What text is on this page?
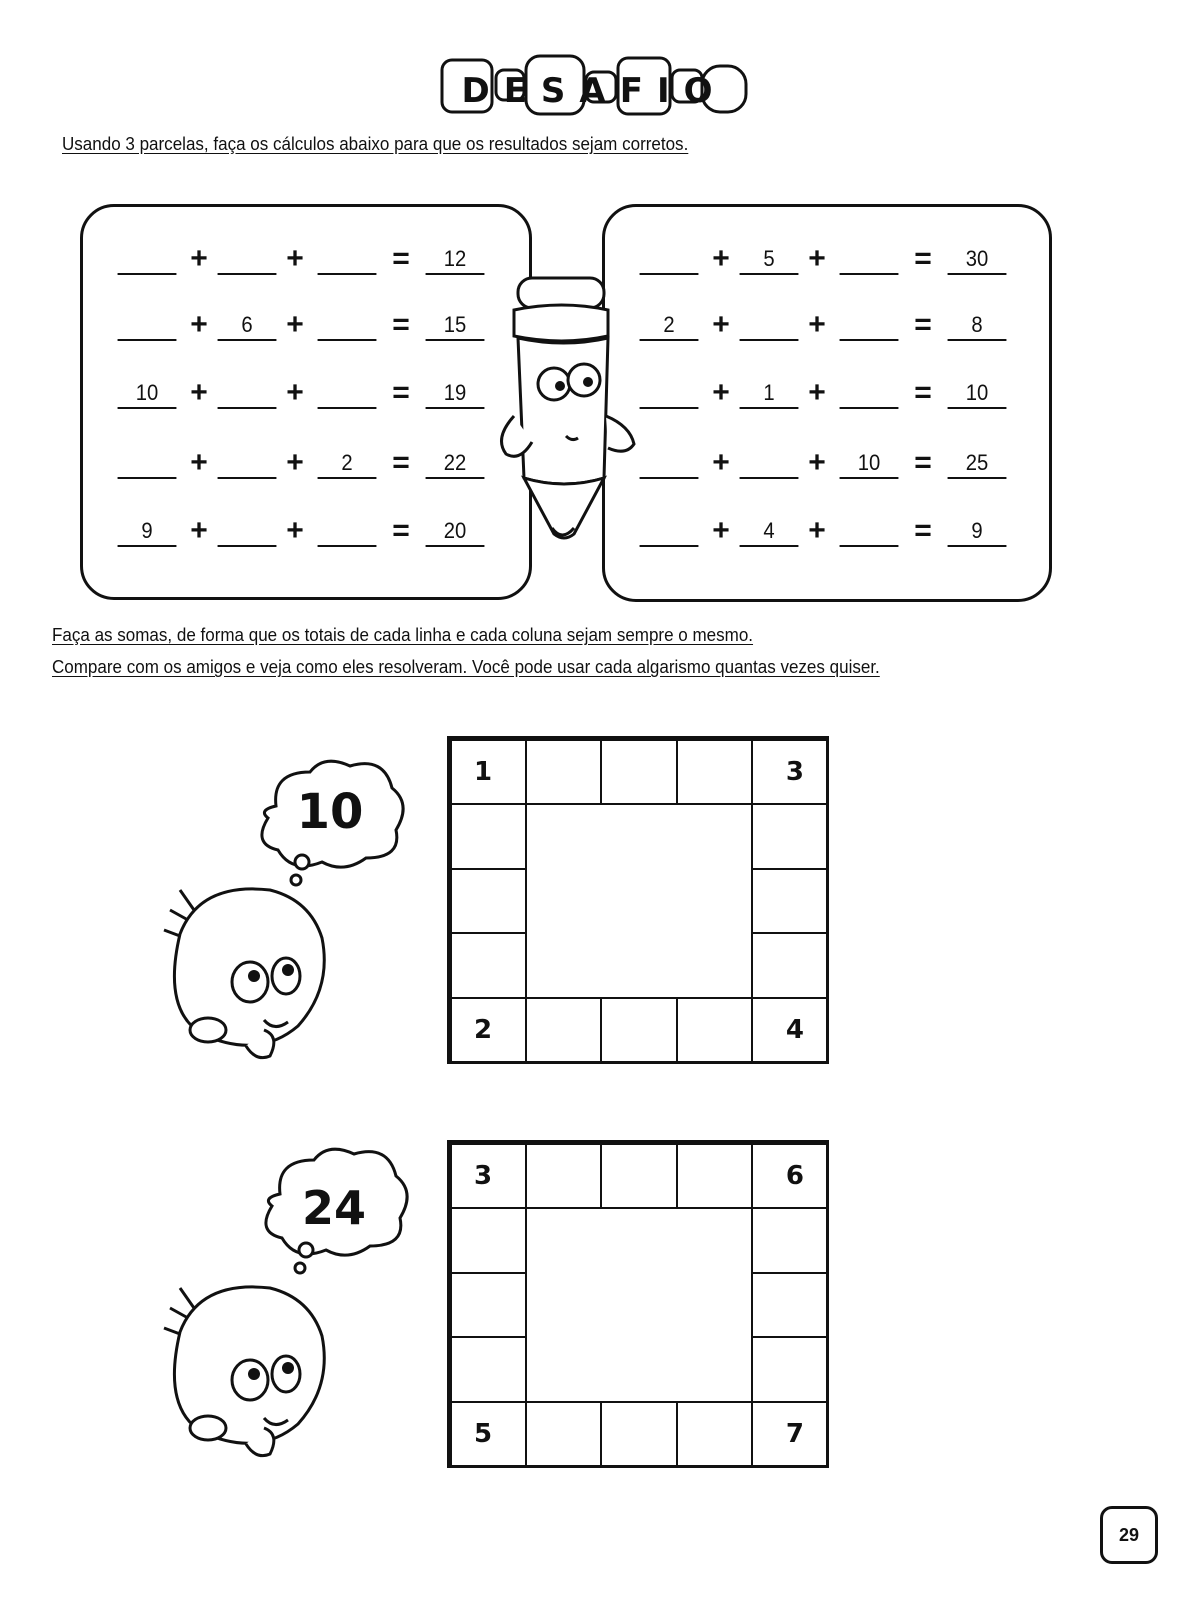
DESAFIO
Usando 3 parcelas, faça os cálculos abaixo para que os resultados sejam corretos.
+	+	=	12
+	6	+	=	15
10	+	+	=	19
+	+	2	=	22
9	+	+	=	20
+	5	+	=	30
2	+	+	=	8
+	1	+	=	10
+	+	10	=	25
+	4	+	=	9
Faça as somas, de forma que os totais de cada linha e cada coluna sejam sempre o mesmo.
Compare com os amigos e veja como eles resolveram. Você pode usar cada algarismo quantas vezes quiser.
10
1	3
2	4
24
3	6
5	7
29
